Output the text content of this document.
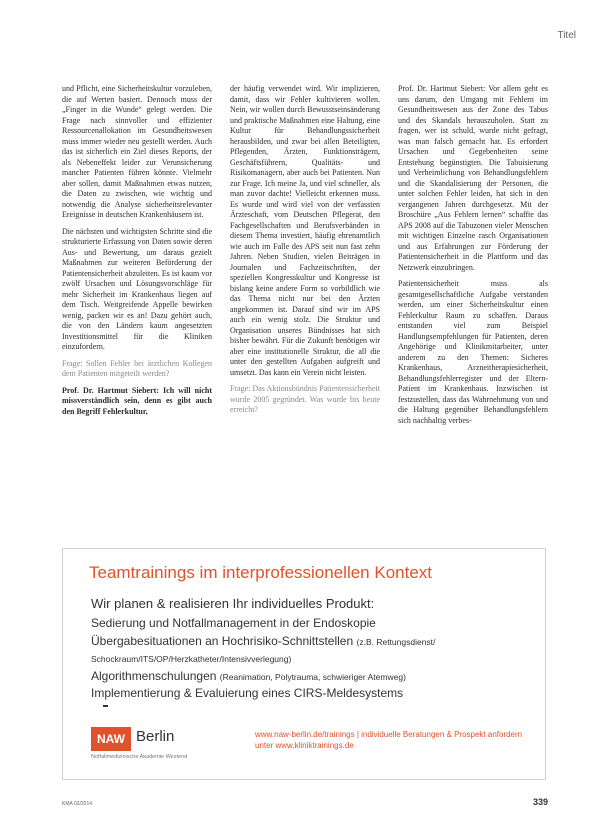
Titel

und Pflicht, eine Sicherheitskultur vorzuleben, die auf Werten basiert. Dennoch muss der „Finger in die Wunde“ gelegt werden. Die Frage nach sinnvoller und effizienter Ressourcenallokation im Gesundheitswesen muss immer wieder neu gestellt werden. Auch das ist sicherlich ein Ziel dieses Reports, der als Nebeneffekt leider zur Verunsicherung mancher Patienten führen könnte. Vielmehr aber sollen, damit Maßnahmen etwas nutzen, die Daten zu zwischen, wie wichtig und notwendig die Analyse sicherheitsrelevanter Ereignisse in deutschen Krankenhäusern ist.

Die nächsten und wichtigsten Schritte sind die strukturierte Erfassung von Daten sowie deren Aus- und Bewertung, um daraus gezielt Maßnahmen zur weiteren Beförderung der Patientensicherheit abzuleiten. Es ist kaum vor zwölf Ursachen und Lösungsvorschläge für mehr Sicherheit im Krankenhaus liegen auf dem Tisch. Weitgreifende Appelle bewirken wenig, packen wir es an! Dazu gehört auch, die von den Ländern kaum angesetzten Investitionsmittel für die Kliniken einzufordern.

Frage: Sollen Fehler bei ärztlichen Kollegen dem Patienten mitgeteilt werden?

Prof. Dr. Hartmut Siebert: Ich will nicht missverständlich sein, denn es gibt auch den Begriff Fehlerkultur,

der häufig verwendet wird. Wir implizieren, damit, dass wir Fehler kultivieren wollen. Nein, wir wollen durch Bewusstseinsänderung und praktische Maßnahmen eine Haltung, eine Kultur für Behandlungssicherheit herausbilden, und zwar bei allen Beteiligten, Pflegenden, Ärzten, Funktionsträgern, Geschäftsführern, Qualitäts- und Risikomanagern, aber auch bei Patienten. Nun zur Frage. Ich meine Ja, und viel schneller, als man zuvor dachte! Vielleicht erkennen muss. Es wurde und wird viel von der verfassten Ärzteschaft, vom Deutschen Pflegerat, den Fachgesellschaften und Berufsverbänden in diesem Thema investiert, häufig ehrenamtlich wie auch im Falle des APS seit nun fast zehn Jahren. Neben Studien, vielen Beiträgen in Journalen und Fachzeitschriften, der speziellen Kongresskultur und Kongresse ist bislang keine andere Form so vorbildlich wie das Thema nicht nur bei den Ärzten angekommen ist. Darauf sind wir im APS auch ein wenig stolz. Die Struktur und Organisation unseres Bündnisses hat sich bisher bewährt. Für die Zukunft benötigen wir aber eine institutionelle Struktur, die all die unter den gestellten Aufgaben aufgreift und umsetzt. Das kann ein Verein nicht leisten.

Frage: Das Aktionsbündnis Patientensicherheit wurde 2005 gegründet. Was wurde bis heute erreicht?

Prof. Dr. Hartmut Siebert: Vor allem geht es uns darum, den Umgang mit Fehlern im Gesundheitswesen aus der Zone des Tabus und des Skandals herauszuholen. Statt zu fragen, wer ist schuld, wurde nicht gefragt, was man falsch gemacht hat. Es erfordert Ursachen und Gegebenheiten seine Entstehung begünstigten. Die Tabuisierung und Verheimlichung von Behandlungsfehlern und die Skandalisierung der Personen, die unter solchen Fehler leiden, hat sich in den vergangenen Jahren durchgesetzt. Mit der Broschüre „Aus Fehlern lernen“ schaffte das APS 2008 auf die Tabuzonen vieler Menschen mit wichtigen Einzelne rasch Organisationen und aus Erfahrungen zur Förderung der Patientensicherheit in die Plattform und das Netzwerk einzubringen.

Patientensicherheit muss als gesamtgesellschaftliche Aufgabe verstanden werden, um einer Sicherheitskultur einen Fehlerkultur Raum zu schaffen. Daraus entstanden viel zum Beispiel Handlungsempfehlungen für Patienten, deren Angehörige und Klinikmitarbeiter, unter anderem zu den Themen: Sicheres Krankenhaus, Arzneitherapiesicherheit, Behandlungsfehlerregister und der Eltern-Patient im Krankenhaus. Inzwischen ist festzustellen, dass das Wahrnehmung von und die Haltung gegenüber Behandlungsfehlern sich nachhaltig verbes-

Teamtrainings im interprofessionellen Kontext
Wir planen & realisieren Ihr individuelles Produkt:
Sedierung und Notfallmanagement in der Endoskopie
Übergabesituationen an Hochrisiko-Schnittstellen (z.B. Rettungsdienst/
Schockraum/ITS/OP/Herzkatheter/Intensivverlegung)
Algorithmenschulungen (Reanimation, Polytrauma, schwieriger Atemweg)
Implementierung & Evaluierung eines CIRS-Meldesystems
NAW Berlin
Notfallmedizinische Akademie Westend
www.naw-berlin.de/trainings | individuelle Beratungen & Prospekt anfordern
unter www.kliniktrainings.de
KMA 02/2014	339
